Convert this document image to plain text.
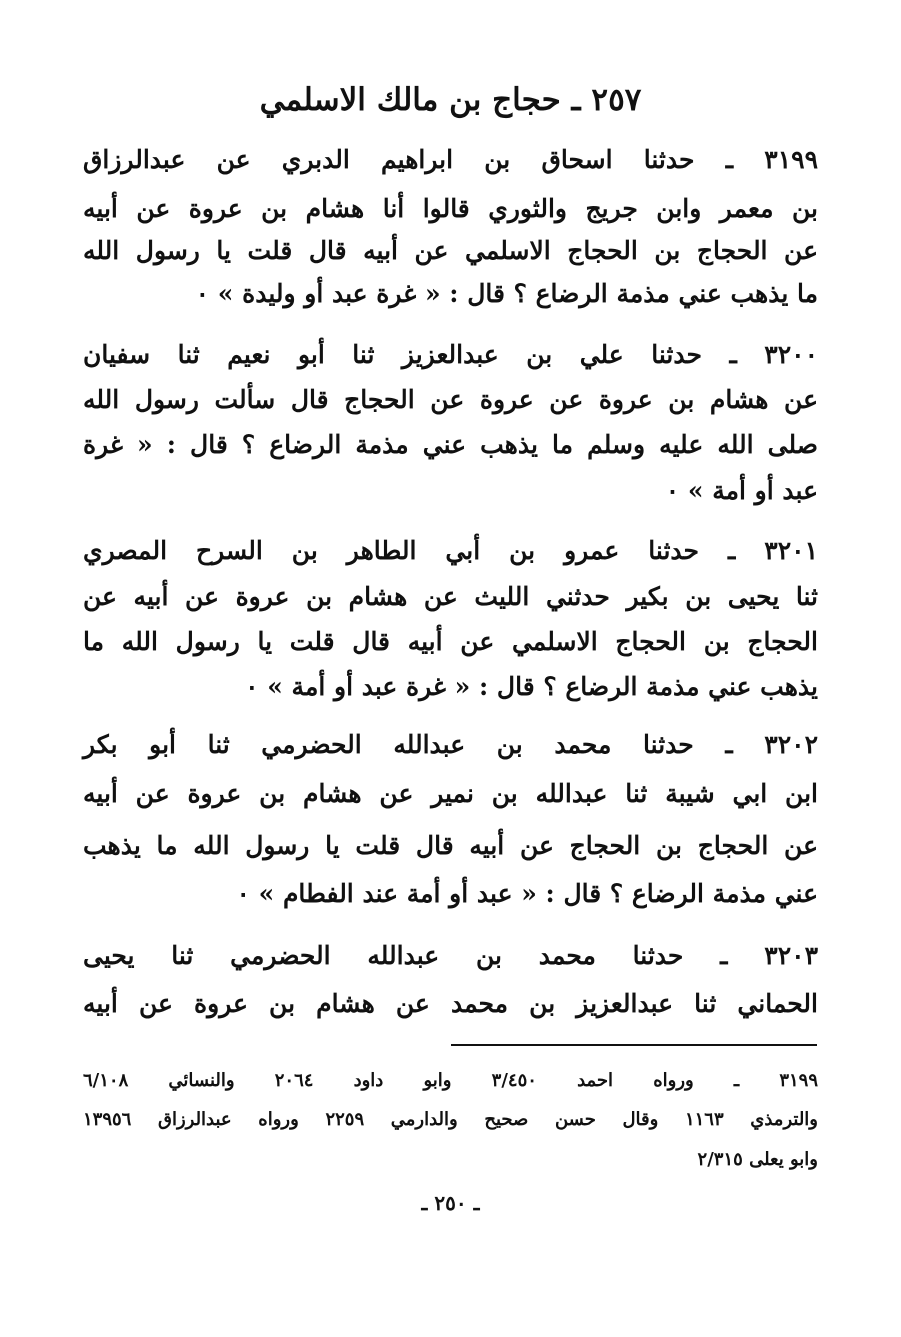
٢٥٧ ـ حجاج بن مالك الاسلمي
٣١٩٩ ـ حدثنا اسحاق بن ابراهيم الدبري عن عبدالرزاق
بن معمر وابن جريج والثوري قالوا أنا هشام بن عروة عن أبيه
عن الحجاج بن الحجاج الاسلمي عن أبيه قال قلت يا رسول الله
ما يذهب عني مذمة الرضاع ؟ قال : « غرة عبد أو وليدة » ٠
٣٢٠٠ ـ حدثنا علي بن عبدالعزيز ثنا أبو نعيم ثنا سفيان
عن هشام بن عروة عن عروة عن الحجاج قال سألت رسول الله
صلى الله عليه وسلم ما يذهب عني مذمة الرضاع ؟ قال : « غرة
عبد أو أمة » ٠
٣٢٠١ ـ حدثنا عمرو بن أبي الطاهر بن السرح المصري
ثنا يحيى بن بكير حدثني الليث عن هشام بن عروة عن أبيه عن
الحجاج بن الحجاج الاسلمي عن أبيه قال قلت يا رسول الله ما
يذهب عني مذمة الرضاع ؟ قال : « غرة عبد أو أمة » ٠
٣٢٠٢ ـ حدثنا محمد بن عبدالله الحضرمي ثنا أبو بكر
ابن ابي شيبة ثنا عبدالله بن نمير عن هشام بن عروة عن أبيه
عن الحجاج بن الحجاج عن أبيه قال قلت يا رسول الله ما يذهب
عني مذمة الرضاع ؟ قال : « عبد أو أمة عند الفطام » ٠
٣٢٠٣ ـ حدثنا محمد بن عبدالله الحضرمي ثنا يحيى
الحماني ثنا عبدالعزيز بن محمد عن هشام بن عروة عن أبيه
٣١٩٩ ـ ورواه احمد ٣/٤٥٠ وابو داود ٢٠٦٤ والنسائي ٦/١٠٨
والترمذي ١١٦٣ وقال حسن صحيح والدارمي ٢٢٥٩ ورواه عبدالرزاق ١٣٩٥٦
وابو يعلى ٢/٣١٥
ـ ٢٥٠ ـ
